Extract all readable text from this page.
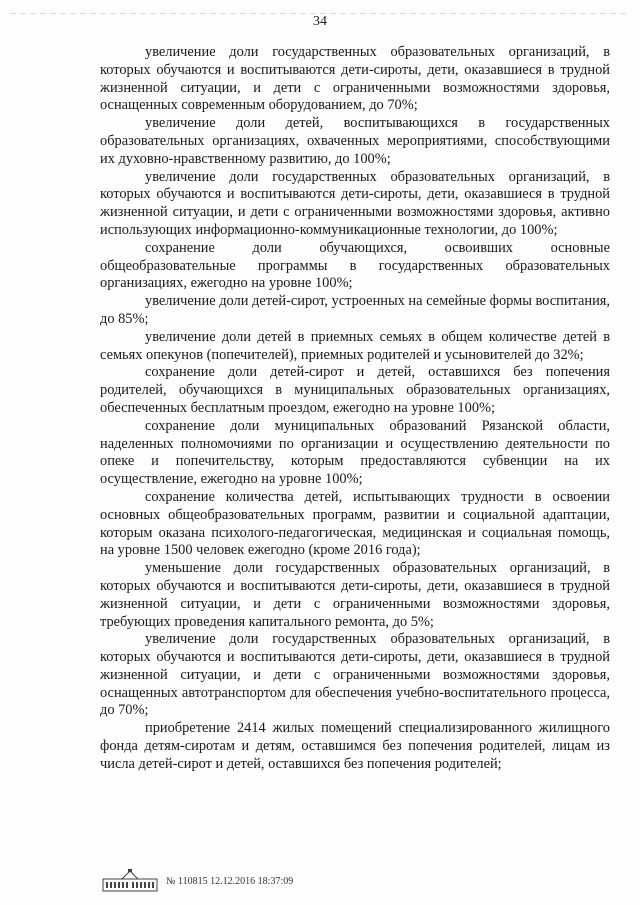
34

увеличение доли государственных образовательных организаций, в которых обучаются и воспитываются дети-сироты, дети, оказавшиеся в трудной жизненной ситуации, и дети с ограниченными возможностями здоровья, оснащенных современным оборудованием, до 70%;

увеличение доли детей, воспитывающихся в государственных образовательных организациях, охваченных мероприятиями, способствующими их духовно-нравственному развитию, до 100%;

увеличение доли государственных образовательных организаций, в которых обучаются и воспитываются дети-сироты, дети, оказавшиеся в трудной жизненной ситуации, и дети с ограниченными возможностями здоровья, активно использующих информационно-коммуникационные технологии, до 100%;

сохранение доли обучающихся, освоивших основные общеобразовательные программы в государственных образовательных организациях, ежегодно на уровне 100%;

увеличение доли детей-сирот, устроенных на семейные формы воспитания, до 85%;

увеличение доли детей в приемных семьях в общем количестве детей в семьях опекунов (попечителей), приемных родителей и усыновителей до 32%;

сохранение доли детей-сирот и детей, оставшихся без попечения родителей, обучающихся в муниципальных образовательных организациях, обеспеченных бесплатным проездом, ежегодно на уровне 100%;

сохранение доли муниципальных образований Рязанской области, наделенных полномочиями по организации и осуществлению деятельности по опеке и попечительству, которым предоставляются субвенции на их осуществление, ежегодно на уровне 100%;

сохранение количества детей, испытывающих трудности в освоении основных общеобразовательных программ, развитии и социальной адаптации, которым оказана психолого-педагогическая, медицинская и социальная помощь, на уровне 1500 человек ежегодно (кроме 2016 года);

уменьшение доли государственных образовательных организаций, в которых обучаются и воспитываются дети-сироты, дети, оказавшиеся в трудной жизненной ситуации, и дети с ограниченными возможностями здоровья, требующих проведения капитального ремонта, до 5%;

увеличение доли государственных образовательных организаций, в которых обучаются и воспитываются дети-сироты, дети, оказавшиеся в трудной жизненной ситуации, и дети с ограниченными возможностями здоровья, оснащенных автотранспортом для обеспечения учебно-воспитательного процесса, до 70%;

приобретение 2414 жилых помещений специализированного жилищного фонда детям-сиротам и детям, оставшимся без попечения родителей, лицам из числа детей-сирот и детей, оставшихся без попечения родителей;

№ 110815 12.12.2016 18:37:09
